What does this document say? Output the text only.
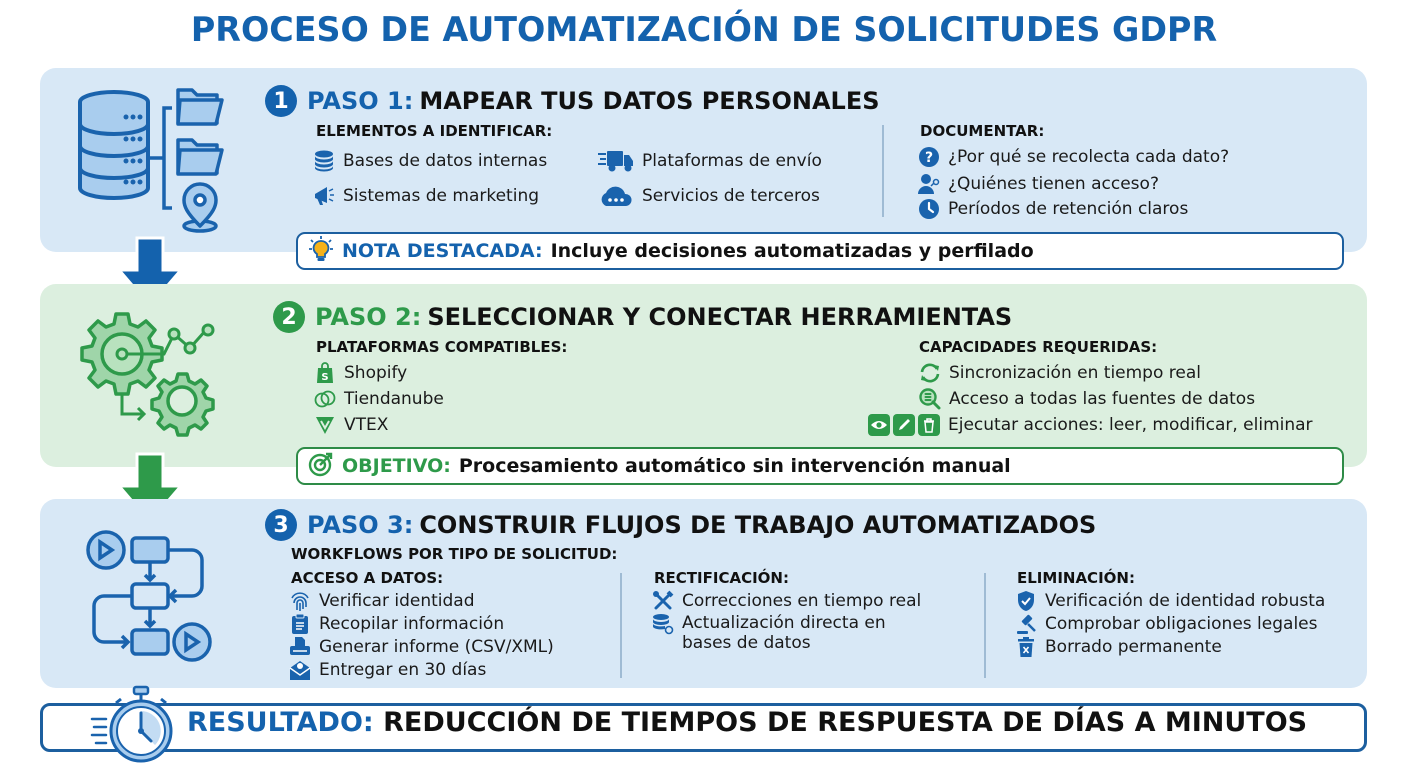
PROCESO DE AUTOMATIZACIÓN DE SOLICITUDES GDPR
1 PASO 1: MAPEAR TUS DATOS PERSONALES
ELEMENTOS A IDENTIFICAR:
Bases de datos internas	Plataformas de envío
Sistemas de marketing	Servicios de terceros
DOCUMENTAR:
? ¿Por qué se recolecta cada dato?
¿Quiénes tienen acceso?
Períodos de retención claros
NOTA DESTACADA: Incluye decisiones automatizadas y perfilado
2 PASO 2: SELECCIONAR Y CONECTAR HERRAMIENTAS
PLATAFORMAS COMPATIBLES:
S Shopify
Tiendanube
VTEX
CAPACIDADES REQUERIDAS:
Sincronización en tiempo real
Acceso a todas las fuentes de datos
Ejecutar acciones: leer, modificar, eliminar
OBJETIVO: Procesamiento automático sin intervención manual
3 PASO 3: CONSTRUIR FLUJOS DE TRABAJO AUTOMATIZADOS
WORKFLOWS POR TIPO DE SOLICITUD:
ACCESO A DATOS:
Verificar identidad
Recopilar información
Generar informe (CSV/XML)
Entregar en 30 días
RECTIFICACIÓN:
Correcciones en tiempo real
Actualización directa en
bases de datos
ELIMINACIÓN:
Verificación de identidad robusta
Comprobar obligaciones legales
Borrado permanente
RESULTADO: REDUCCIÓN DE TIEMPOS DE RESPUESTA DE DÍAS A MINUTOS
